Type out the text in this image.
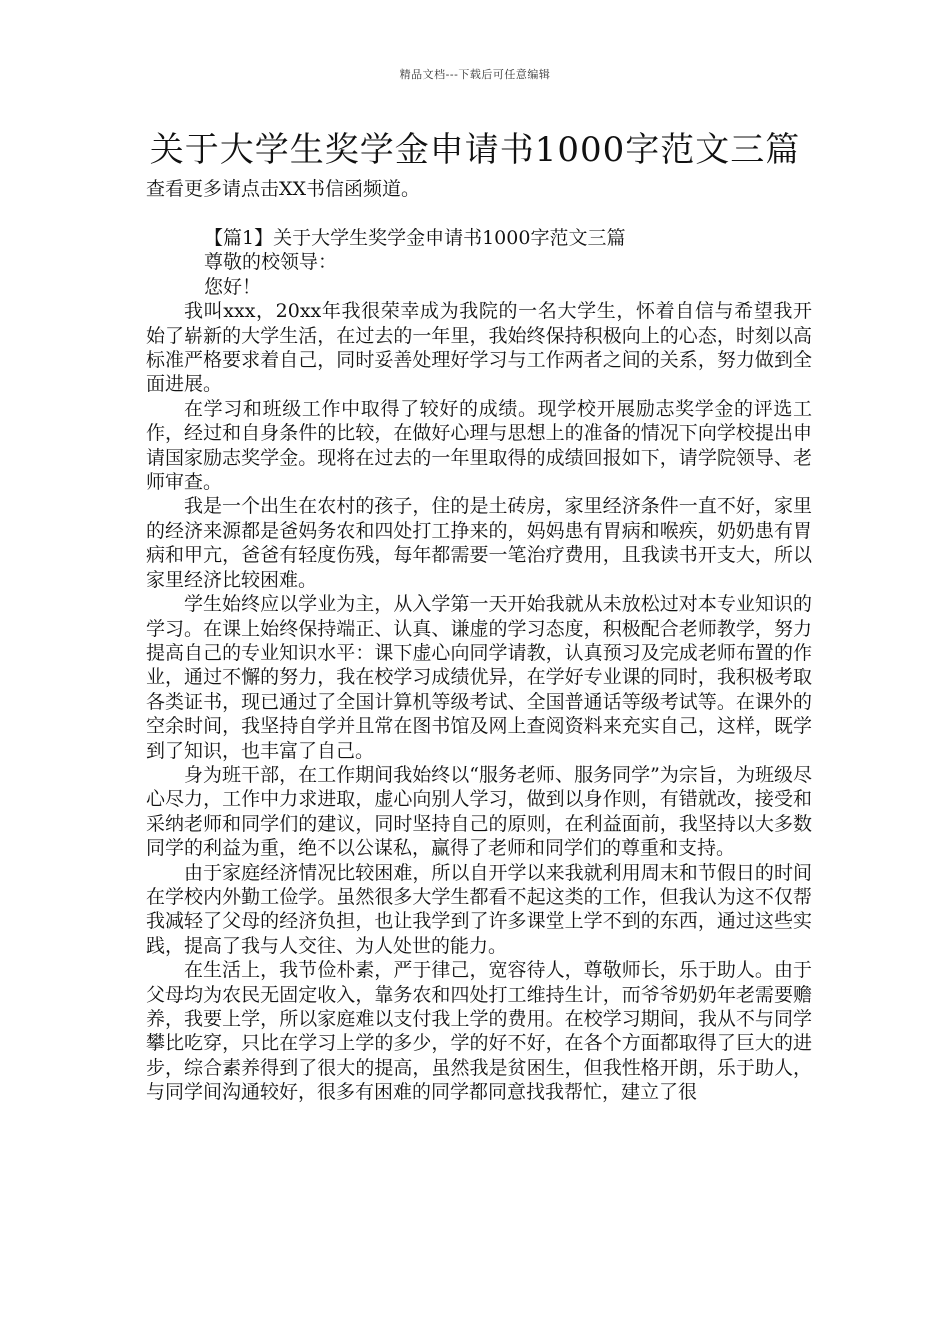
精品文档---下载后可任意编辑
关于大学生奖学金申请书1000字范文三篇
查看更多请点击XX书信函频道。

【篇1】关于大学生奖学金申请书1000字范文三篇

尊敬的校领导：

您好！

我叫xxx，20xx年我很荣幸成为我院的一名大学生，怀着自信与希望我开始了崭新的大学生活，在过去的一年里，我始终保持积极向上的心态，时刻以高标准严格要求着自己，同时妥善处理好学习与工作两者之间的关系，努力做到全面进展。

在学习和班级工作中取得了较好的成绩。现学校开展励志奖学金的评选工作，经过和自身条件的比较，在做好心理与思想上的准备的情况下向学校提出申请国家励志奖学金。现将在过去的一年里取得的成绩回报如下，请学院领导、老师审查。

我是一个出生在农村的孩子，住的是土砖房，家里经济条件一直不好，家里的经济来源都是爸妈务农和四处打工挣来的，妈妈患有胃病和喉疾，奶奶患有胃病和甲亢，爸爸有轻度伤残，每年都需要一笔治疗费用，且我读书开支大，所以家里经济比较困难。

学生始终应以学业为主，从入学第一天开始我就从未放松过对本专业知识的学习。在课上始终保持端正、认真、谦虚的学习态度，积极配合老师教学，努力提高自己的专业知识水平：课下虚心向同学请教，认真预习及完成老师布置的作业，通过不懈的努力，我在校学习成绩优异，在学好专业课的同时，我积极考取各类证书，现已通过了全国计算机等级考试、全国普通话等级考试等。在课外的空余时间，我坚持自学并且常在图书馆及网上查阅资料来充实自己，这样，既学到了知识，也丰富了自己。

身为班干部，在工作期间我始终以“服务老师、服务同学”为宗旨，为班级尽心尽力，工作中力求进取，虚心向别人学习，做到以身作则，有错就改，接受和采纳老师和同学们的建议，同时坚持自己的原则，在利益面前，我坚持以大多数同学的利益为重，绝不以公谋私，赢得了老师和同学们的尊重和支持。

由于家庭经济情况比较困难，所以自开学以来我就利用周末和节假日的时间在学校内外勤工俭学。虽然很多大学生都看不起这类的工作，但我认为这不仅帮我减轻了父母的经济负担，也让我学到了许多课堂上学不到的东西，通过这些实践，提高了我与人交往、为人处世的能力。

在生活上，我节俭朴素，严于律己，宽容待人，尊敬师长，乐于助人。由于父母均为农民无固定收入，靠务农和四处打工维持生计，而爷爷奶奶年老需要赡养，我要上学，所以家庭难以支付我上学的费用。在校学习期间，我从不与同学攀比吃穿，只比在学习上学的多少，学的好不好，在各个方面都取得了巨大的进步，综合素养得到了很大的提高，虽然我是贫困生，但我性格开朗，乐于助人，与同学间沟通较好，很多有困难的同学都同意找我帮忙，建立了很
